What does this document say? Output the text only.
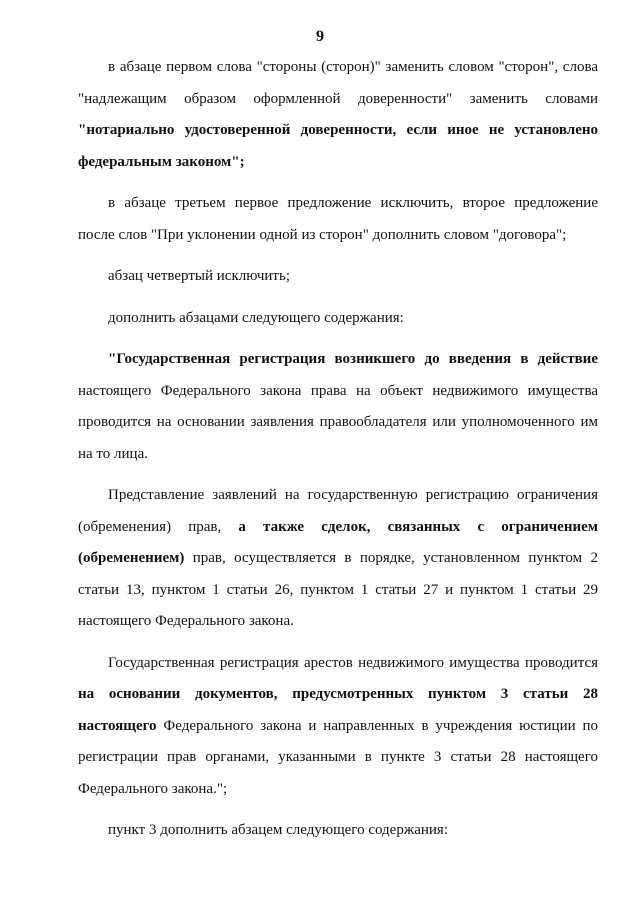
9

в абзаце первом слова "стороны (сторон)" заменить словом "сторон", слова "надлежащим образом оформленной доверенности" заменить словами "нотариально удостоверенной доверенности, если иное не установлено федеральным законом";

в абзаце третьем первое предложение исключить, второе предложение после слов "При уклонении одной из сторон" дополнить словом "договора";

абзац четвертый исключить;

дополнить абзацами следующего содержания:

"Государственная регистрация возникшего до введения в действие настоящего Федерального закона права на объект недвижимого имущества проводится на основании заявления правообладателя или уполномоченного им на то лица.

Представление заявлений на государственную регистрацию ограничения (обременения) прав, а также сделок, связанных с ограничением (обременением) прав, осуществляется в порядке, установленном пунктом 2 статьи 13, пунктом 1 статьи 26, пунктом 1 статьи 27 и пунктом 1 статьи 29 настоящего Федерального закона.

Государственная регистрация арестов недвижимого имущества проводится на основании документов, предусмотренных пунктом 3 статьи 28 настоящего Федерального закона и направленных в учреждения юстиции по регистрации прав органами, указанными в пункте 3 статьи 28 настоящего Федерального закона.";

пункт 3 дополнить абзацем следующего содержания:
